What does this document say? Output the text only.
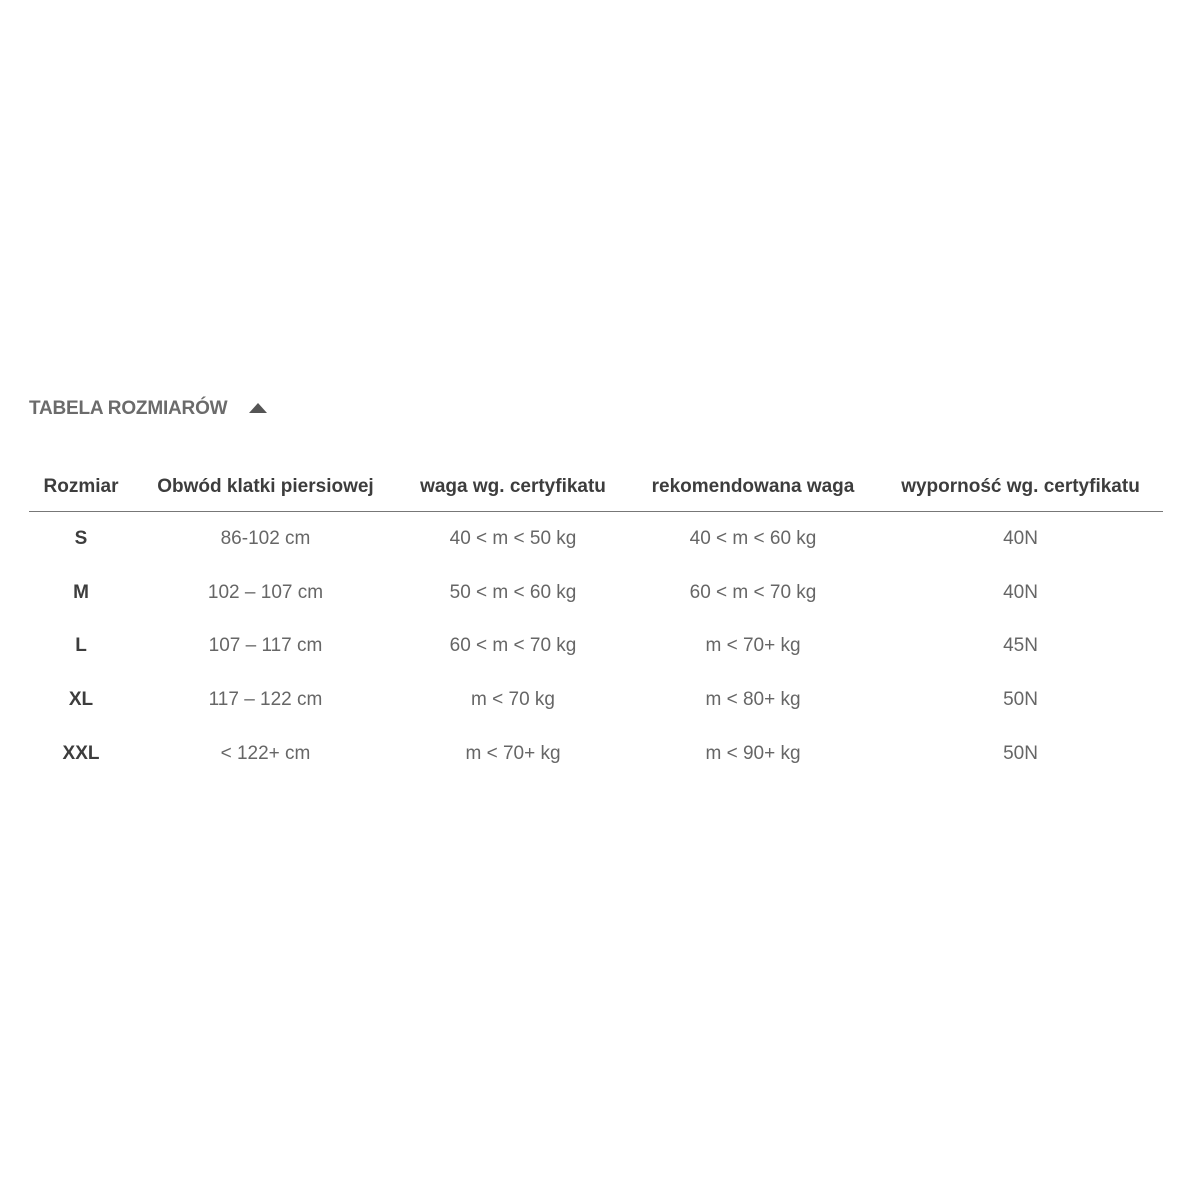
TABELA ROZMIARÓW
Rozmiar	Obwód klatki piersiowej	waga wg. certyfikatu	rekomendowana waga	wyporność wg. certyfikatu
S	86-102 cm	40 < m < 50 kg	40 < m < 60 kg	40N
M	102 – 107 cm	50 < m < 60 kg	60 < m < 70 kg	40N
L	107 – 117 cm	60 < m < 70 kg	m < 70+ kg	45N
XL	117 – 122 cm	m < 70 kg	m < 80+ kg	50N
XXL	< 122+ cm	m < 70+ kg	m < 90+ kg	50N
